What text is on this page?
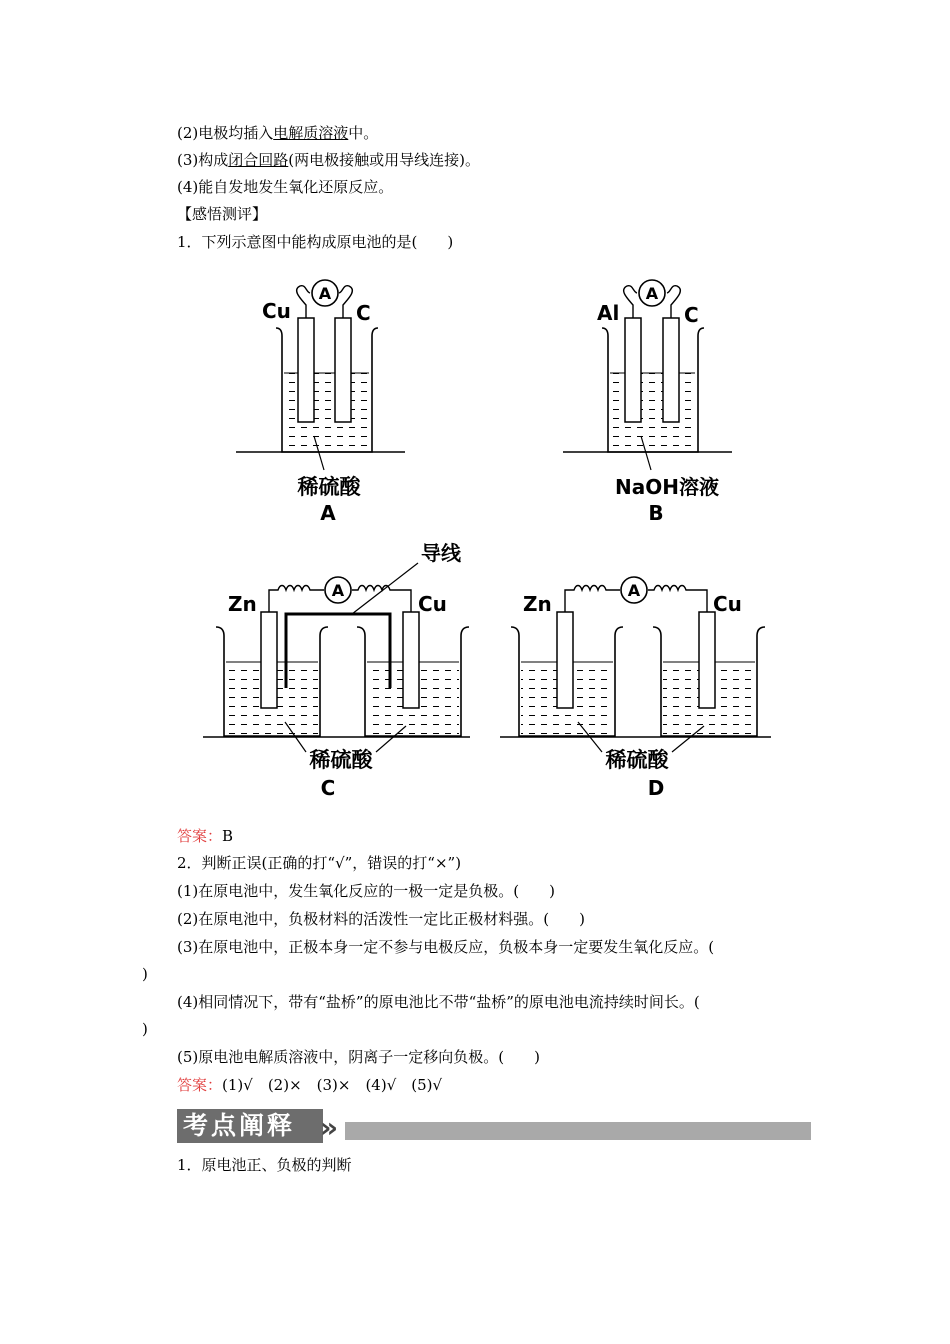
(2)电极均插入电解质溶液中。
(3)构成闭合回路(两电极接触或用导线连接)。
(4)能自发地发生氧化还原反应。
【感悟测评】
1．下列示意图中能构成原电池的是(　　)
A
Cu	C
稀硫酸
A
A
Al	C
NaOH溶液
B
A
导线
Zn	Cu
稀硫酸
C
A
Zn	Cu
稀硫酸
D
答案：B
2．判断正误(正确的打“√”，错误的打“×”)
(1)在原电池中，发生氧化反应的一极一定是负极。(　　)
(2)在原电池中，负极材料的活泼性一定比正极材料强。(　　)
(3)在原电池中，正极本身一定不参与电极反应，负极本身一定要发生氧化反应。(
)
(4)相同情况下，带有“盐桥”的原电池比不带“盐桥”的原电池电流持续时间长。(
)
(5)原电池电解质溶液中，阴离子一定移向负极。(　　)
答案：(1)√　(2)×　(3)×　(4)√　(5)√
考点阐释 »
1．原电池正、负极的判断
